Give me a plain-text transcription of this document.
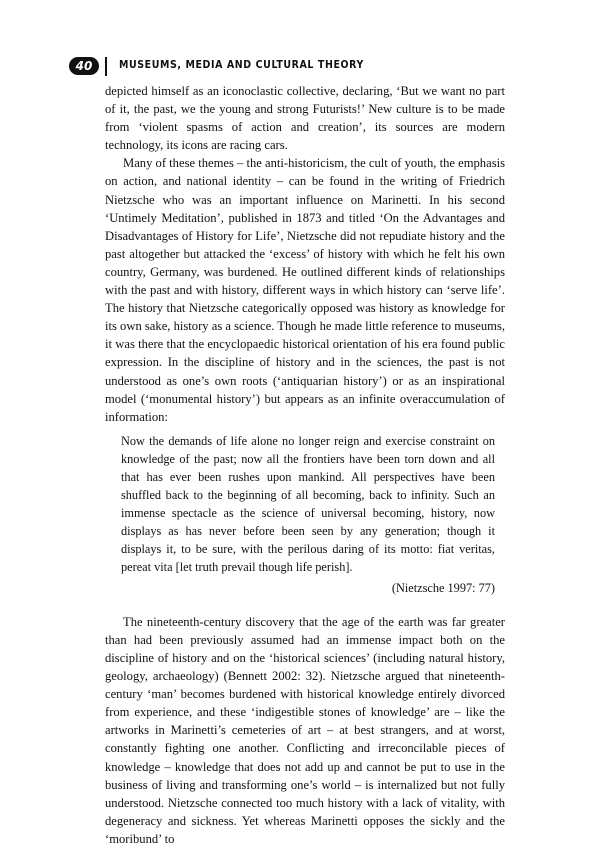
40	MUSEUMS, MEDIA AND CULTURAL THEORY

depicted himself as an iconoclastic collective, declaring, ‘But we want no part of it, the past, we the young and strong Futurists!’ New culture is to be made from ‘violent spasms of action and creation’, its sources are modern technology, its icons are racing cars.

Many of these themes – the anti-historicism, the cult of youth, the emphasis on action, and national identity – can be found in the writing of Friedrich Nietzsche who was an important influence on Marinetti. In his second ‘Untimely Meditation’, published in 1873 and titled ‘On the Advantages and Disadvantages of History for Life’, Nietzsche did not repudiate history and the past altogether but attacked the ‘excess’ of history with which he felt his own country, Germany, was burdened. He outlined different kinds of relationships with the past and with history, different ways in which history can ‘serve life’. The history that Nietzsche categorically opposed was history as knowledge for its own sake, history as a science. Though he made little reference to museums, it was there that the encyclopaedic historical orientation of his era found public expression. In the discipline of history and in the sciences, the past is not understood as one’s own roots (‘antiquarian history’) or as an inspirational model (‘monumental history’) but appears as an infinite overaccumulation of information:

Now the demands of life alone no longer reign and exercise constraint on knowledge of the past; now all the frontiers have been torn down and all that has ever been rushes upon mankind. All perspectives have been shuffled back to the beginning of all becoming, back to infinity. Such an immense spectacle as the science of universal becoming, history, now displays as has never before been seen by any generation; though it displays it, to be sure, with the perilous daring of its motto: fiat veritas, pereat vita [let truth prevail though life perish].

(Nietzsche 1997: 77)

The nineteenth-century discovery that the age of the earth was far greater than had been previously assumed had an immense impact both on the discipline of history and on the ‘historical sciences’ (including natural history, geology, archaeology) (Bennett 2002: 32). Nietzsche argued that nineteenth-century ‘man’ becomes burdened with historical knowledge entirely divorced from experience, and these ‘indigestible stones of knowledge’ are – like the artworks in Marinetti’s cemeteries of art – at best strangers, and at worst, constantly fighting one another. Conflicting and irreconcilable pieces of knowledge – knowledge that does not add up and cannot be put to use in the business of living and transforming one’s world – is internalized but not fully understood. Nietzsche connected too much history with a lack of vitality, with degeneracy and sickness. Yet whereas Marinetti opposes the sickly and the ‘moribund’ to
